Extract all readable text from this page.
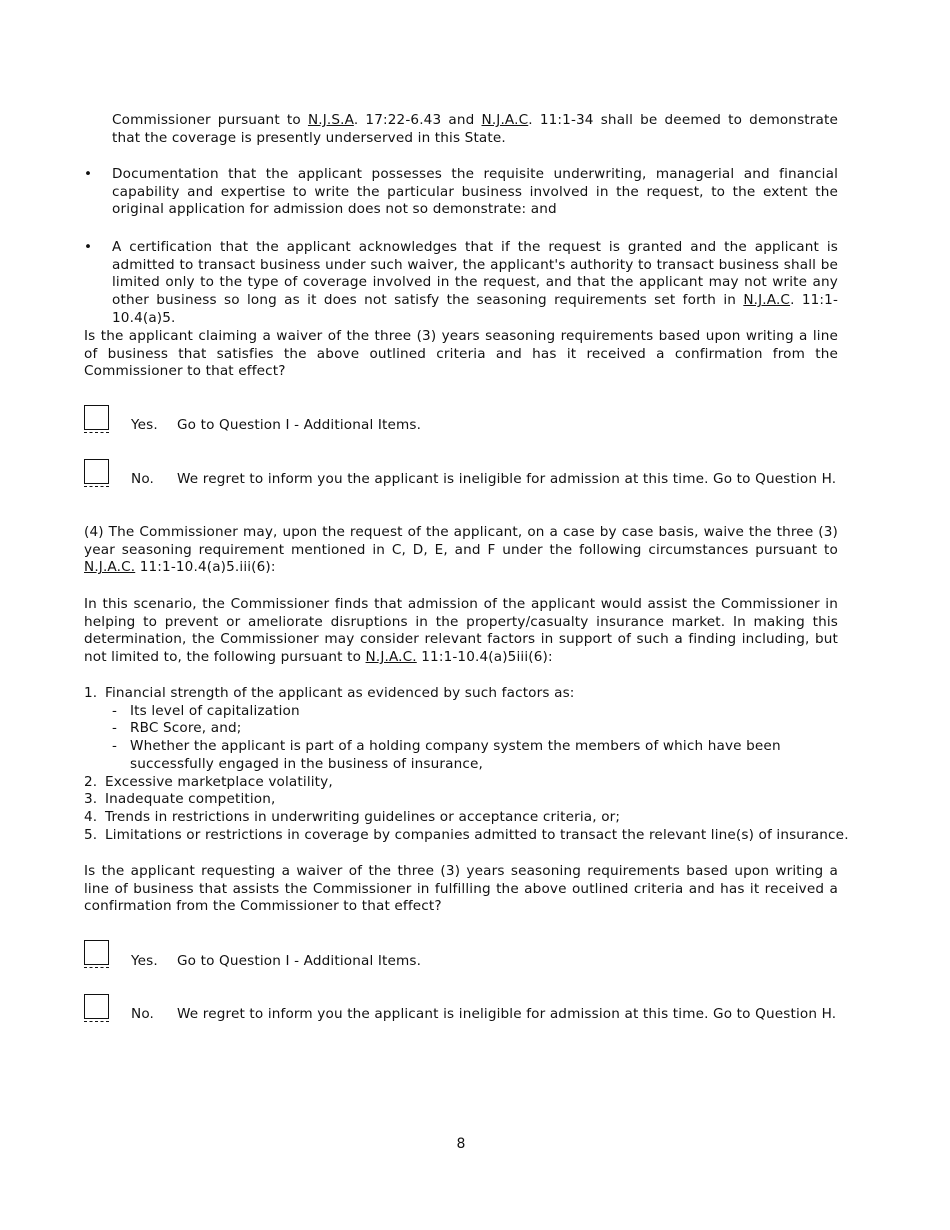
Commissioner pursuant to N.J.S.A. 17:22-6.43 and N.J.A.C. 11:1-34 shall be deemed to demonstrate that the coverage is presently underserved in this State.

•	Documentation that the applicant possesses the requisite underwriting, managerial and financial capability and expertise to write the particular business involved in the request, to the extent the original application for admission does not so demonstrate: and

•	A certification that the applicant acknowledges that if the request is granted and the applicant is admitted to transact business under such waiver, the applicant's authority to transact business shall be limited only to the type of coverage involved in the request, and that the applicant may not write any other business so long as it does not satisfy the seasoning requirements set forth in N.J.A.C. 11:1-10.4(a)5.

Is the applicant claiming a waiver of the three (3) years seasoning requirements based upon writing a line of business that satisfies the above outlined criteria and has it received a confirmation from the Commissioner to that effect?

Yes. Go to Question I - Additional Items.
No. We regret to inform you the applicant is ineligible for admission at this time. Go to Question H.

(4) The Commissioner may, upon the request of the applicant, on a case by case basis, waive the three (3) year seasoning requirement mentioned in C, D, E, and F under the following circumstances pursuant to N.J.A.C. 11:1-10.4(a)5.iii(6):

In this scenario, the Commissioner finds that admission of the applicant would assist the Commissioner in helping to prevent or ameliorate disruptions in the property/casualty insurance market. In making this determination, the Commissioner may consider relevant factors in support of such a finding including, but not limited to, the following pursuant to N.J.A.C. 11:1-10.4(a)5iii(6):

1. Financial strength of the applicant as evidenced by such factors as:
- Its level of capitalization
- RBC Score, and;
- Whether the applicant is part of a holding company system the members of which have been
successfully engaged in the business of insurance,
2. Excessive marketplace volatility,
3. Inadequate competition,
4. Trends in restrictions in underwriting guidelines or acceptance criteria, or;
5. Limitations or restrictions in coverage by companies admitted to transact the relevant line(s) of insurance.

Is the applicant requesting a waiver of the three (3) years seasoning requirements based upon writing a line of business that assists the Commissioner in fulfilling the above outlined criteria and has it received a confirmation from the Commissioner to that effect?

Yes. Go to Question I - Additional Items.
No. We regret to inform you the applicant is ineligible for admission at this time. Go to Question H.
8
